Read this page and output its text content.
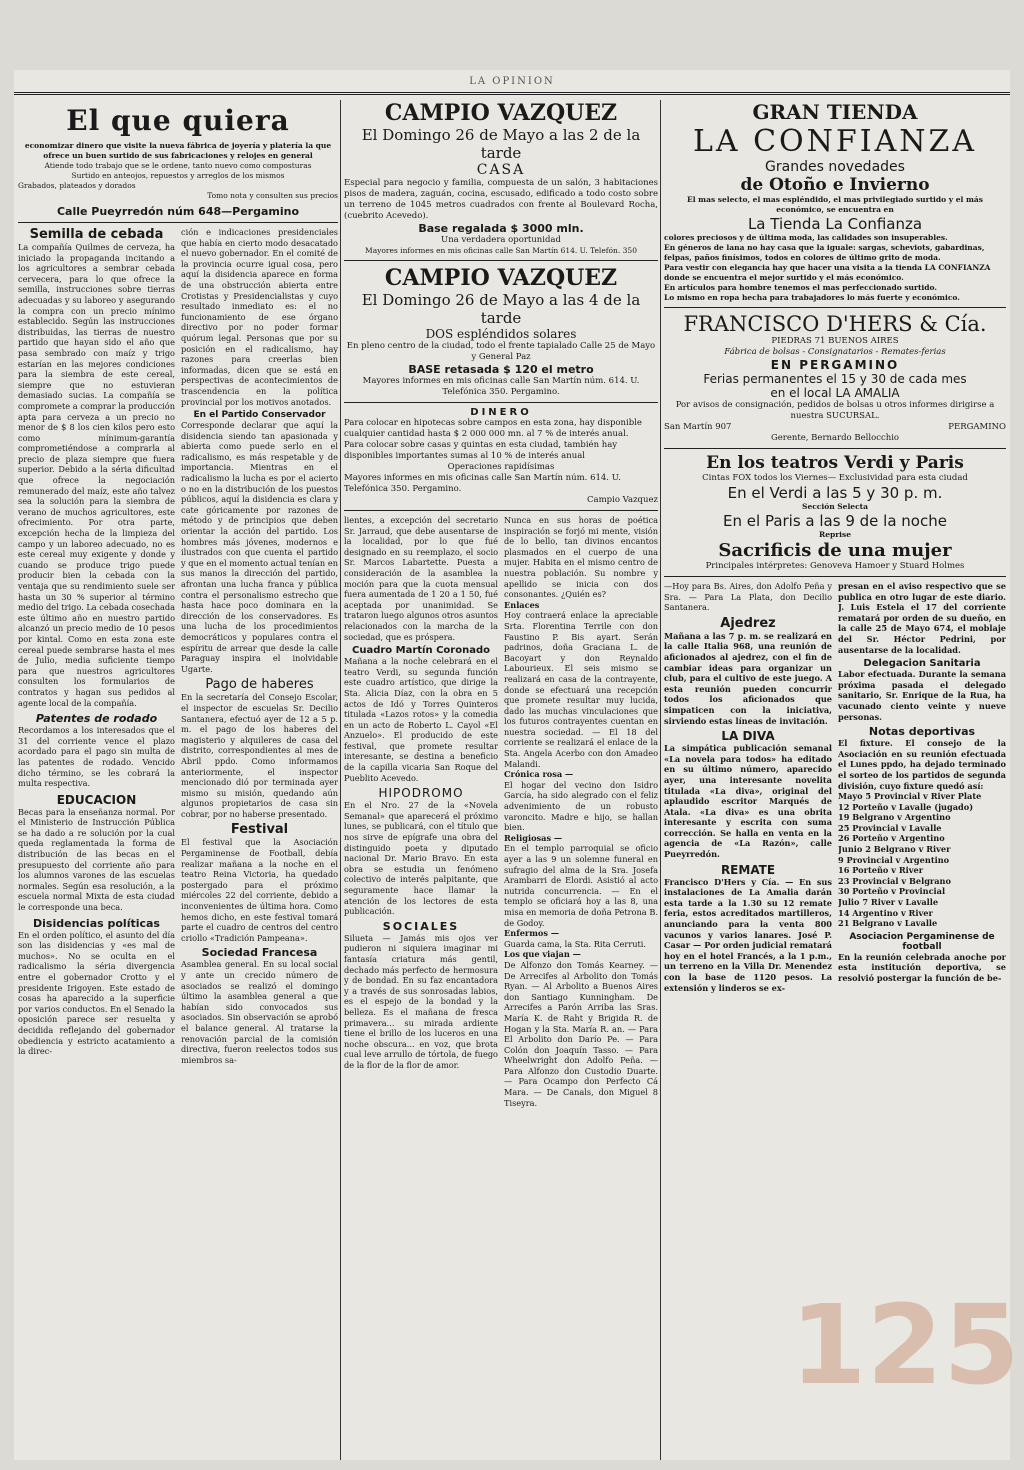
LA OPINION
El que quiera
economizar dinero que visite la nueva fábrica de joyería y platería la que ofrece un buen surtido de sus fabricaciones y relojes en general
Atiende todo trabajo que se le ordene, tanto nuevo como composturas
Surtido en anteojos, repuestos y arreglos de los mismos
Grabados, plateados y dorados
Tomo nota y consulten sus precios
Calle Pueyrredón núm 648—Pergamino
Semilla de cebada
La compañía Quilmes de cerveza, ha iniciado la propaganda incitando a los agricultores a sembrar cebada cervecera, para lo que ofrece la semilla, instrucciones sobre tierras adecuadas y su laboreo y asegurando la compra con un precio mínimo establecido. Según las instrucciones distribuidas, las tierras de nuestro partido que hayan sido el año que pasa sembrado con maíz y trigo estarían en las mejores condiciones para la siembra de este cereal, siempre que no estuvieran demasiado sucias. La compañía se compromete a comprar la producción apta para cerveza a un precio no menor de $ 8 los cien kilos pero esto como mínimum-garantía comprometiéndose a comprarla al precio de plaza siempre que fuera superior. Debido a la séria dificultad que ofrece la negociación remunerado del maíz, este año talvez sea la solución para la siembra de verano de muchos agricultores, este ofrecimiento. Por otra parte, excepción hecha de la limpieza del campo y un laboreo adecuado, no es este cereal muy exigente y donde y cuando se produce trigo puede producir bien la cebada con la ventaja que su rendimiento suele ser hasta un 30 % superior al término medio del trigo. La cebada cosechada este último año en nuestro partido alcanzó un precio medio de 10 pesos por kintal. Como en esta zona este cereal puede sembrarse hasta el mes de Julio, media suficiente tiempo para que nuestros agricultores consulten los formularios de contratos y hagan sus pedidos al agente local de la compañía.
Patentes de rodado
Recordamos a los interesados que el 31 del corriente vence el plazo acordado para el pago sin multa de las patentes de rodado. Vencido dicho término, se les cobrará la multa respectiva.
EDUCACION
Becas para la enseñanza normal. Por el Ministerio de Instrucción Pública se ha dado a re solución por la cual queda reglamentada la forma de distribución de las becas en el presupuesto del corriente año para los alumnos varones de las escuelas normales. Según esa resolución, a la escuela normal Mixta de esta ciudad le corresponde una beca.
Disidencias políticas
En el orden político, el asunto del día son las disidencias y «es mal de muchos». No se oculta en el radicalismo la séria divergencia entre el gobernador Crotto y el presidente Irigoyen. Este estado de cosas ha aparecido a la superficie por varios conductos. En el Senado la oposición parece ser resuelta y decidida reflejando del gobernador obediencia y estricto acatamiento a la direc-
ción e indicaciones presidenciales que había en cierto modo desacatado el nuevo gobernador. En el comité de la provincia ocurre igual cosa, pero aquí la disidencia aparece en forma de una obstrucción abierta entre Crotistas y Presidencialistas y cuyo resultado inmediato es: el no funcionamiento de ese órgano directivo por no poder formar quórum legal. Personas que por su posición en el radicalismo, hay razones para creerlas bien informadas, dicen que se está en perspectivas de acontecimientos de trascendencia en la política provincial por los motivos anotados.
En el Partido Conservador
Corresponde declarar que aquí la disidencia siendo tan apasionada y abierta como puede serlo en el radicalismo, es más respetable y de importancia. Mientras en el radicalismo la lucha es por el acierto o no en la distribución de los puestos públicos, aquí la disidencia es clara y cate góricamente por razones de método y de principios que deben orientar la acción del partido. Los hombres más jóvenes, modernos e ilustrados con que cuenta el partido y que en el momento actual tenían en sus manos la dirección del partido, afrontan una lucha franca y pública contra el personalismo estrecho que hasta hace poco dominara en la dirección de los conservadores. Es una lucha de los procedimientos democráticos y populares contra el espíritu de arrear que desde la calle Paraguay inspira el inolvidable Ugarte.
Pago de haberes
En la secretaría del Consejo Escolar, el inspector de escuelas Sr. Decilio Santanera, efectuó ayer de 12 a 5 p. m. el pago de los haberes del magisterio y alquileres de casa del distrito, correspondientes al mes de Abril ppdo. Como informamos anteriormente, el inspector mencionado dió por terminada ayer mismo su misión, quedando aún algunos propietarios de casa sin cobrar, por no haberse presentado.
Festival
El festival que la Asociación Pergaminense de Football, debía realizar mañana a la noche en el teatro Reina Victoria, ha quedado postergado para el próximo miércoles 22 del corriente, debido a inconvenientes de última hora. Como hemos dicho, en este festival tomará parte el cuadro de centros del centro criollo «Tradición Pampeana».
Sociedad Francesa
Asamblea general. En su local social y ante un crecido número de asociados se realizó el domingo último la asamblea general a que habían sido convocados sus asociados. Sin observación se aprobó el balance general. Al tratarse la renovación parcial de la comisión directiva, fueron reelectos todos sus miembros sa-
CAMPIO VAZQUEZ
El Domingo 26 de Mayo a las 2 de la tarde
CASA
Especial para negocio y familia, compuesta de un salón, 3 habitaciones pisos de madera, zaguán, cocina, escusado, edificado a todo costo sobre un terreno de 1045 metros cuadrados con frente al Boulevard Rocha, (cuebrito Acevedo).
Base regalada $ 3000 mln.
Una verdadera oportunidad
Mayores informes en mis oficinas calle San Martín 614. U. Telefón. 350
CAMPIO VAZQUEZ
El Domingo 26 de Mayo a las 4 de la tarde
DOS espléndidos solares
En pleno centro de la ciudad, todo el frente tapialado Calle 25 de Mayo y General Paz
BASE retasada $ 120 el metro
Mayores informes en mis oficinas calle San Martín núm. 614. U. Telefónica 350. Pergamino.
DINERO
Para colocar en hipotecas sobre campos en esta zona, hay disponible cualquier cantidad hasta $ 2 000 000 mn. al 7 % de interés anual.
Para colocar sobre casas y quintas en esta ciudad, también hay disponibles importantes sumas al 10 % de interés anual
Operaciones rapidísimas
Mayores informes en mis oficinas calle San Martín núm. 614. U. Telefónica 350. Pergamino.
Campio Vazquez
lientes, a excepción del secretario Sr. Jarraud, que debe ausentarse de la localidad, por lo que fué designado en su reemplazo, el socio Sr. Marcos Labartette. Puesta a consideración de la asamblea la moción para que la cuota mensual fuera aumentada de 1 20 a 1 50, fué aceptada por unanimidad. Se trataron luego algunos otros asuntos relacionados con la marcha de la sociedad, que es próspera.
Cuadro Martín Coronado
Mañana a la noche celebrará en el teatro Verdi, su segunda función este cuadro artístico, que dirige la Sta. Alicia Díaz, con la obra en 5 actos de Idó y Torres Quinteros titulada «Lazos rotos» y la comedia en un acto de Roberto L. Cayol «El Anzuelo». El producido de este festival, que promete resultar interesante, se destina a beneficio de la capilla vicaria San Roque del Pueblito Acevedo.
HIPODROMO
En el Nro. 27 de la «Novela Semanal» que aparecerá el próximo lunes, se publicará, con el título que nos sirve de epígrafe una obra del distinguido poeta y diputado nacional Dr. Mario Bravo. En esta obra se estudia un fenómeno colectivo de interés palpitante, que seguramente hace llamar la atención de los lectores de esta publicación.
SOCIALES
Silueta — Jamás mis ojos ver pudieron ni siquiera imaginar mi fantasía criatura más gentil, dechado más perfecto de hermosura y de bondad. En su faz encantadora y a través de sus sonrosadas labios, es el espejo de la bondad y la belleza. Es el mañana de fresca primavera... su mirada ardiente tiene el brillo de los luceros en una noche obscura... en voz, que brota cual leve arrullo de tórtola, de fuego de la flor de la flor de amor.
Nunca en sus horas de poética inspiración se forjó mi mente, visión de lo bello, tan divinos encantos plasmados en el cuerpo de una mujer. Habita en el mismo centro de nuestra población. Su nombre y apellido se inicia con dos consonantes. ¿Quién es?
Enlaces
Hoy contraerá enlace la apreciable Srta. Florentina Terrile con don Faustino P. Bis ayart. Serán padrinos, doña Graciana L. de Bacoyart y don Reynaldo Labourieux. El seis mismo se realizará en casa de la contrayente, donde se efectuará una recepción que promete resultar muy lucida, dado las muchas vinculaciones que los futuros contrayentes cuentan en nuestra sociedad. — El 18 del corriente se realizará el enlace de la Sta. Angela Acerbo con don Amadeo Malandi.
Crónica rosa —
El hogar del vecino don Isidro García, ha sido alegrado con el feliz advenimiento de un robusto varoncito. Madre e hijo, se hallan bien.
Religiosas —
En el templo parroquial se oficio ayer a las 9 un solemne funeral en sufragio del alma de la Sra. Josefa Arambarri de Elordi. Asistió al acto nutrida concurrencia. — En el templo se oficiará hoy a las 8, una misa en memoria de doña Petrona B. de Godoy.
Enfermos —
Guarda cama, la Sta. Rita Cerruti.
Los que viajan —
De Alfonzo don Tomás Kearney. — De Arrecifes al Arbolito don Tomás Ryan. — Al Arbolito a Buenos Aires don Santiago Kunningham. De Arrecifes a Parón Arriba las Sras. María K. de Raht y Brigida R. de Hogan y la Sta. María R. an. — Para El Arbolito don Darío Pe. — Para Colón don Joaquín Tasso. — Para Wheelwright don Adolfo Peña. — Para Alfonzo don Custodio Duarte. — Para Ocampo don Perfecto Cá Mara. — De Canals, don Miguel 8 Tiseyra.
GRAN TIENDA
LA CONFIANZA
Grandes novedades
de Otoño e Invierno
El mas selecto, el mas espléndido, el mas privilegiado surtido y el más económico, se encuentra en
La Tienda La Confianza
colores preciosos y de última moda, las calidades son insuperables.
En géneros de lana no hay casa que la iguale: sargas, scheviots, gabardinas, felpas, paños finísimos, todos en colores de último grito de moda.
Para vestir con elegancia hay que hacer una visita a la tienda LA CONFIANZA donde se encuentra el mejor surtido y el más económico.
En artículos para hombre tenemos el mas perfeccionado surtido.
Lo mismo en ropa hecha para trabajadores lo más fuerte y económico.
FRANCISCO D'HERS & Cía.
PIEDRAS 71 BUENOS AIRES
Fábrica de bolsas - Consignatarios - Remates-ferias
EN PERGAMINO
Ferias permanentes el 15 y 30 de cada mes
en el local LA AMALIA
Por avisos de consignación, pedidos de bolsas u otros informes dirigirse a nuestra SUCURSAL.
San Martín 907	PERGAMINO
Gerente, Bernardo Bellocchio
En los teatros Verdi y Paris
Cintas FOX todos los Viernes— Exclusividad para esta ciudad
En el Verdi a las 5 y 30 p. m.
Sección Selecta
En el Paris a las 9 de la noche
Reprise
Sacrificis de una mujer
Principales intérpretes: Genoveva Hamoer y Stuard Holmes
—Hoy para Bs. Aires, don Adolfo Peña y Sra. — Para La Plata, don Decilio Santanera.
Ajedrez
Mañana a las 7 p. m. se realizará en la calle Italia 968, una reunión de aficionados al ajedrez, con el fin de cambiar ideas para organizar un club, para el cultivo de este juego. A esta reunión pueden concurrir todos los aficionados que simpaticen con la iniciativa, sirviendo estas líneas de invitación.
LA DIVA
La simpática publicación semanal «La novela para todos» ha editado en su último número, aparecido ayer, una interesante novelita titulada «La diva», original del aplaudido escritor Marqués de Atala. «La diva» es una obrita interesante y escrita con suma corrección. Se halla en venta en la agencia de «La Razón», calle Pueyrredón.
REMATE
Francisco D'Hers y Cía. — En sus instalaciones de La Amalia darán esta tarde a la 1.30 su 12 remate feria, estos acreditados martilleros, anunciando para la venta 800 vacunos y varios lanares. José P. Casar — Por orden judicial rematará hoy en el hotel Francés, a la 1 p.m., un terreno en la Villa Dr. Menendez con la base de 1120 pesos. La extensión y linderos se ex-
presan en el aviso respectivo que se publica en otro lugar de este diario. J. Luis Estela el 17 del corriente rematará por orden de su dueño, en la calle 25 de Mayo 674, el moblaje del Sr. Héctor Pedrini, por ausentarse de la localidad.
Delegacion Sanitaria
Labor efectuada. Durante la semana próxima pasada el delegado sanitario, Sr. Enrique de la Rua, ha vacunado ciento veinte y nueve personas.
Notas deportivas
El fixture. El consejo de la Asociación en su reunión efectuada el Lunes ppdo, ha dejado terminado el sorteo de los partidos de segunda división, cuyo fixture quedó así:
Mayo 5 Provincial v River Plate
12 Porteño v Lavalle (jugado)
19 Belgrano v Argentino
25 Provincial v Lavalle
26 Porteño v Argentino
Junio 2 Belgrano v River
9 Provincial v Argentino
16 Porteño v River
23 Provincial v Belgrano
30 Porteño v Provincial
Julio 7 River v Lavalle
14 Argentino v River
21 Belgrano v Lavalle
Asociacion Pergaminense de football
En la reunión celebrada anoche por esta institución deportiva, se resolvió postergar la función de be-
125
